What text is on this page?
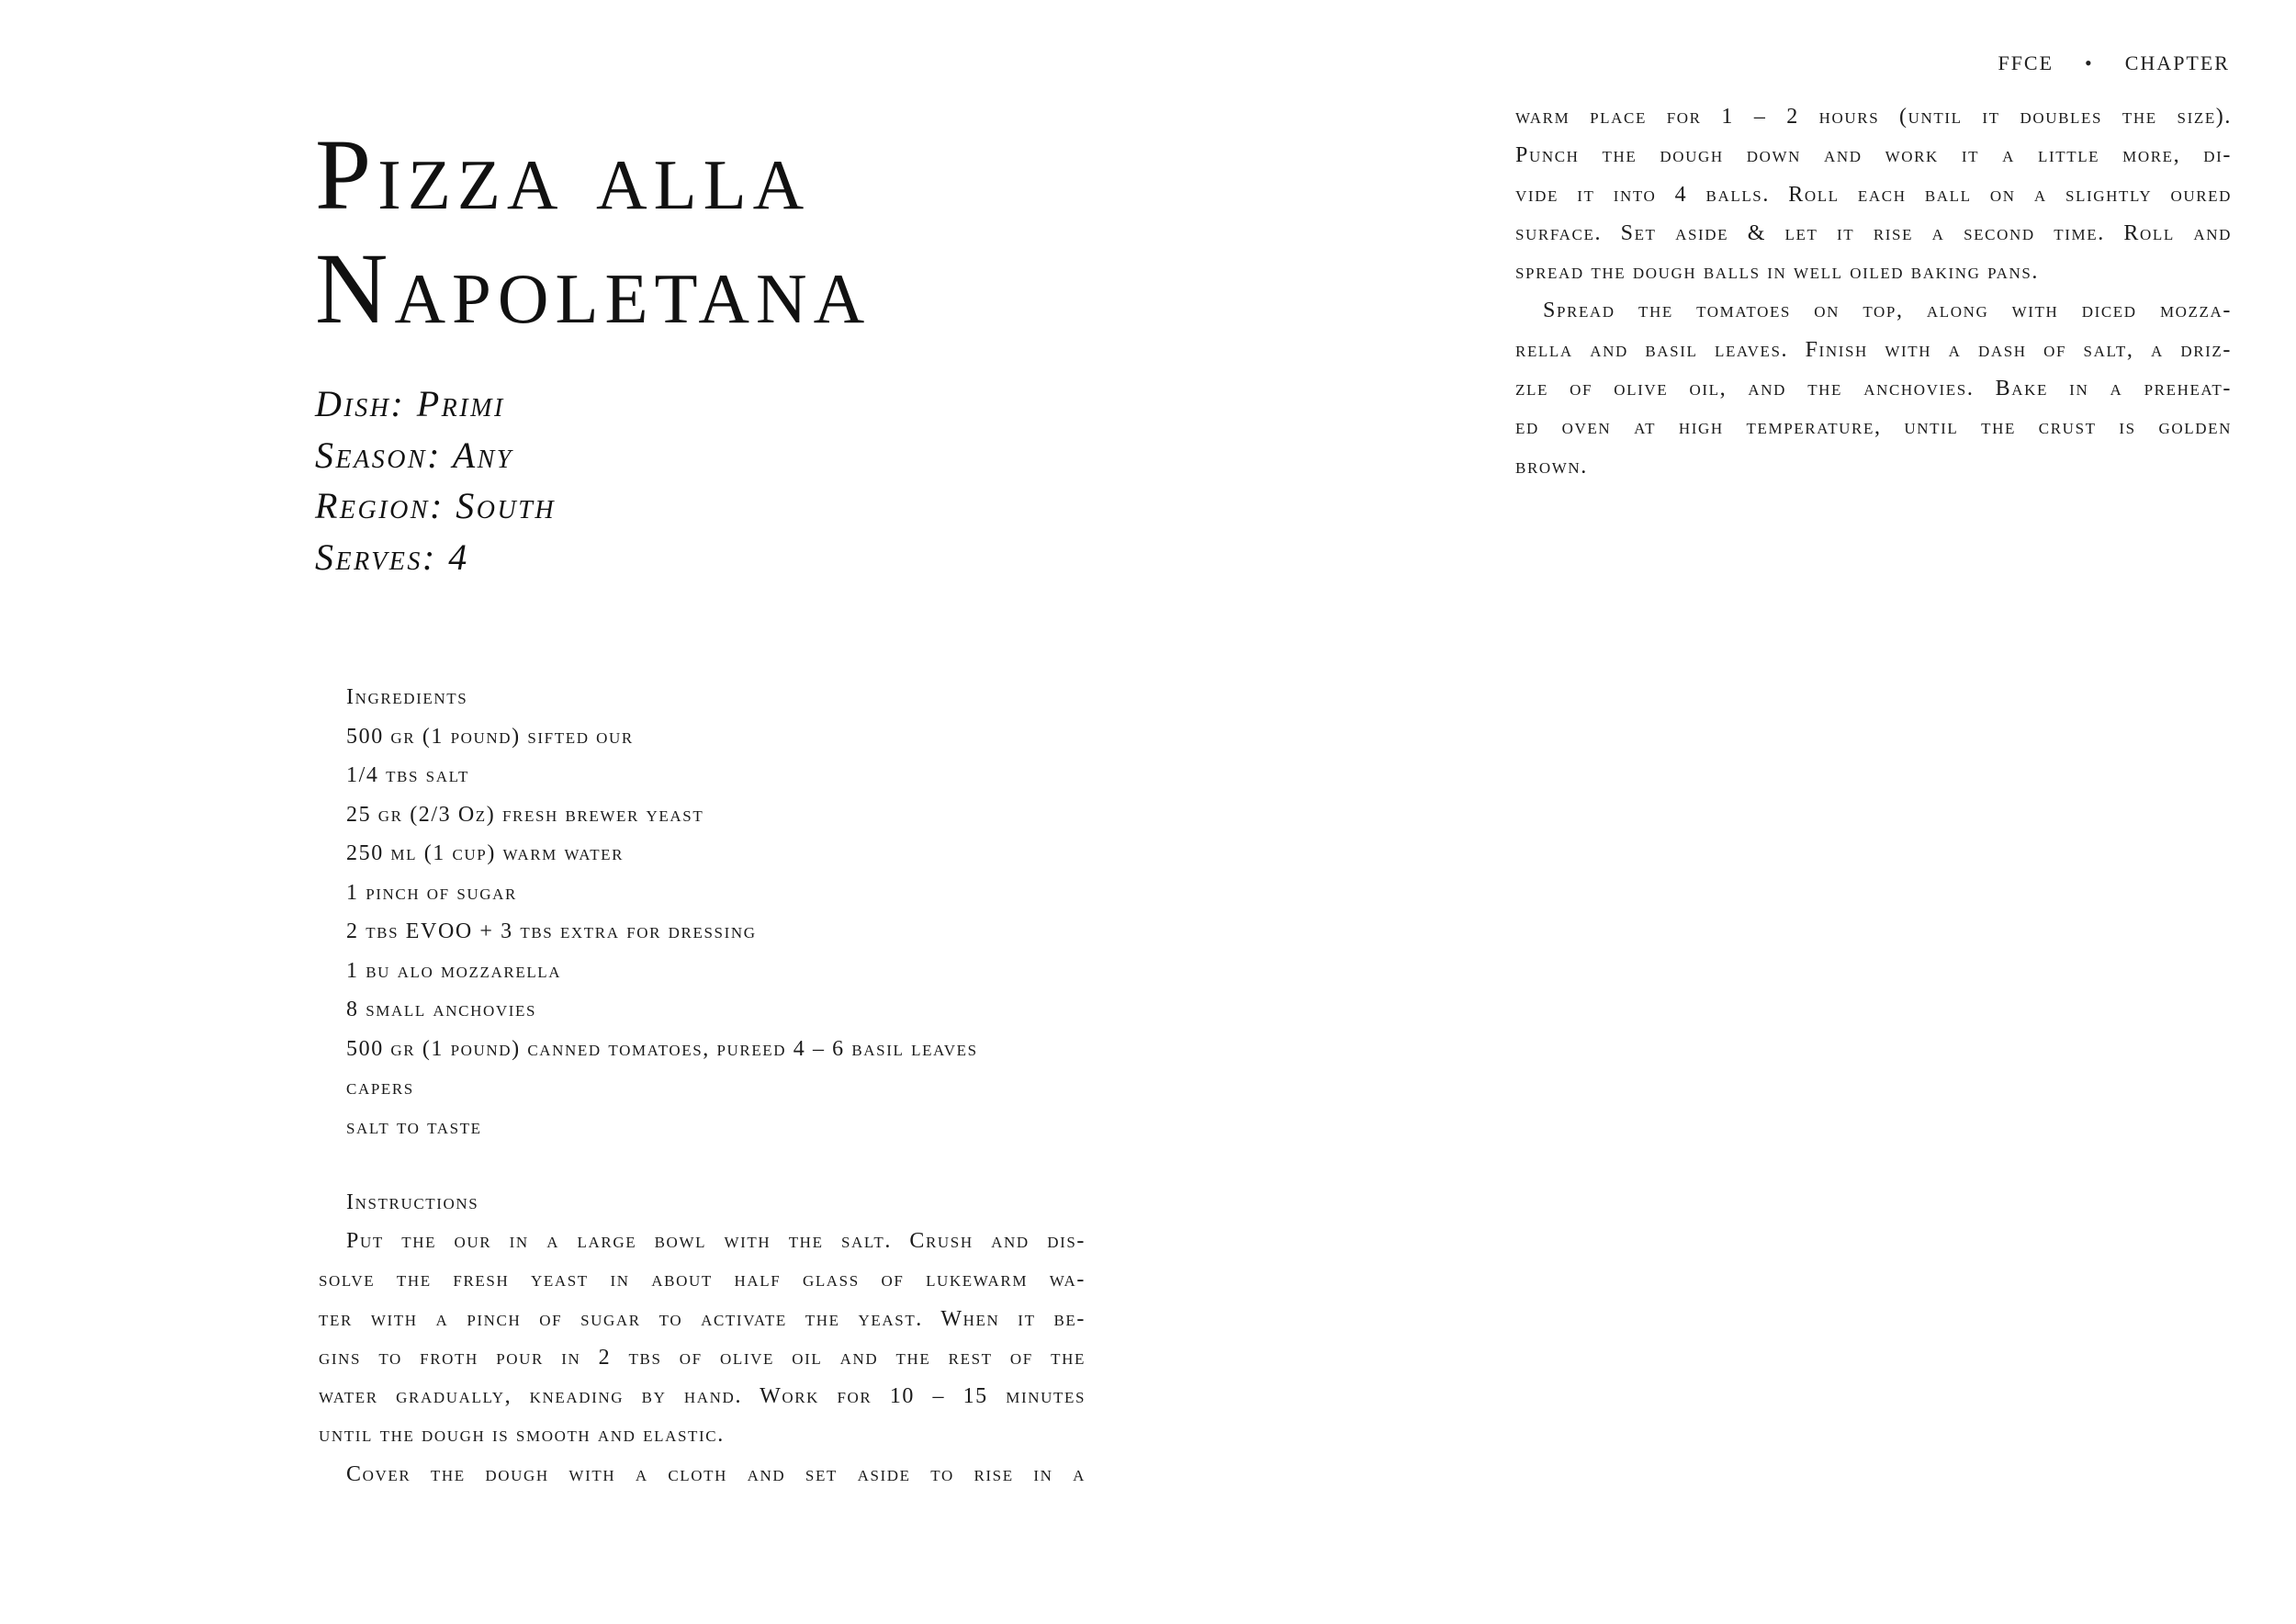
Pizza alla
Napoletana
Dish: Primi
Season: Any
Region: South
Serves: 4
Ingredients
500 gr (1 pound) sifted our
1/4 tbs salt
25 gr (2/3 Oz) fresh brewer yeast
250 ml (1 cup) warm water
1 pinch of sugar
2 tbs EVOO + 3 tbs extra for dressing
1 bu alo mozzarella
8 small anchovies
500 gr (1 pound) canned tomatoes, pureed 4 – 6 basil leaves
capers
salt to taste
Instructions

Put the our in a large bowl with the salt. Crush and dis-
solve the fresh yeast in about half glass of lukewarm wa-
ter with a pinch of sugar to activate the yeast. When it be-
gins to froth pour in 2 tbs of olive oil and the rest of the
water gradually, kneading by hand. Work for 10 – 15 minutes
until the dough is smooth and elastic.

Cover the dough with a cloth and set aside to rise in a

FFCE • CHAPTER

warm place for 1 – 2 hours (until it doubles the size).
Punch the dough down and work it a little more, di-
vide it into 4 balls. Roll each ball on a slightly oured
surface. Set aside & let it rise a second time. Roll and
spread the dough balls in well oiled baking pans.

Spread the tomatoes on top, along with diced mozza-
rella and basil leaves. Finish with a dash of salt, a driz-
zle of olive oil, and the anchovies. Bake in a preheat-
ed oven at high temperature, until the crust is golden
brown.
